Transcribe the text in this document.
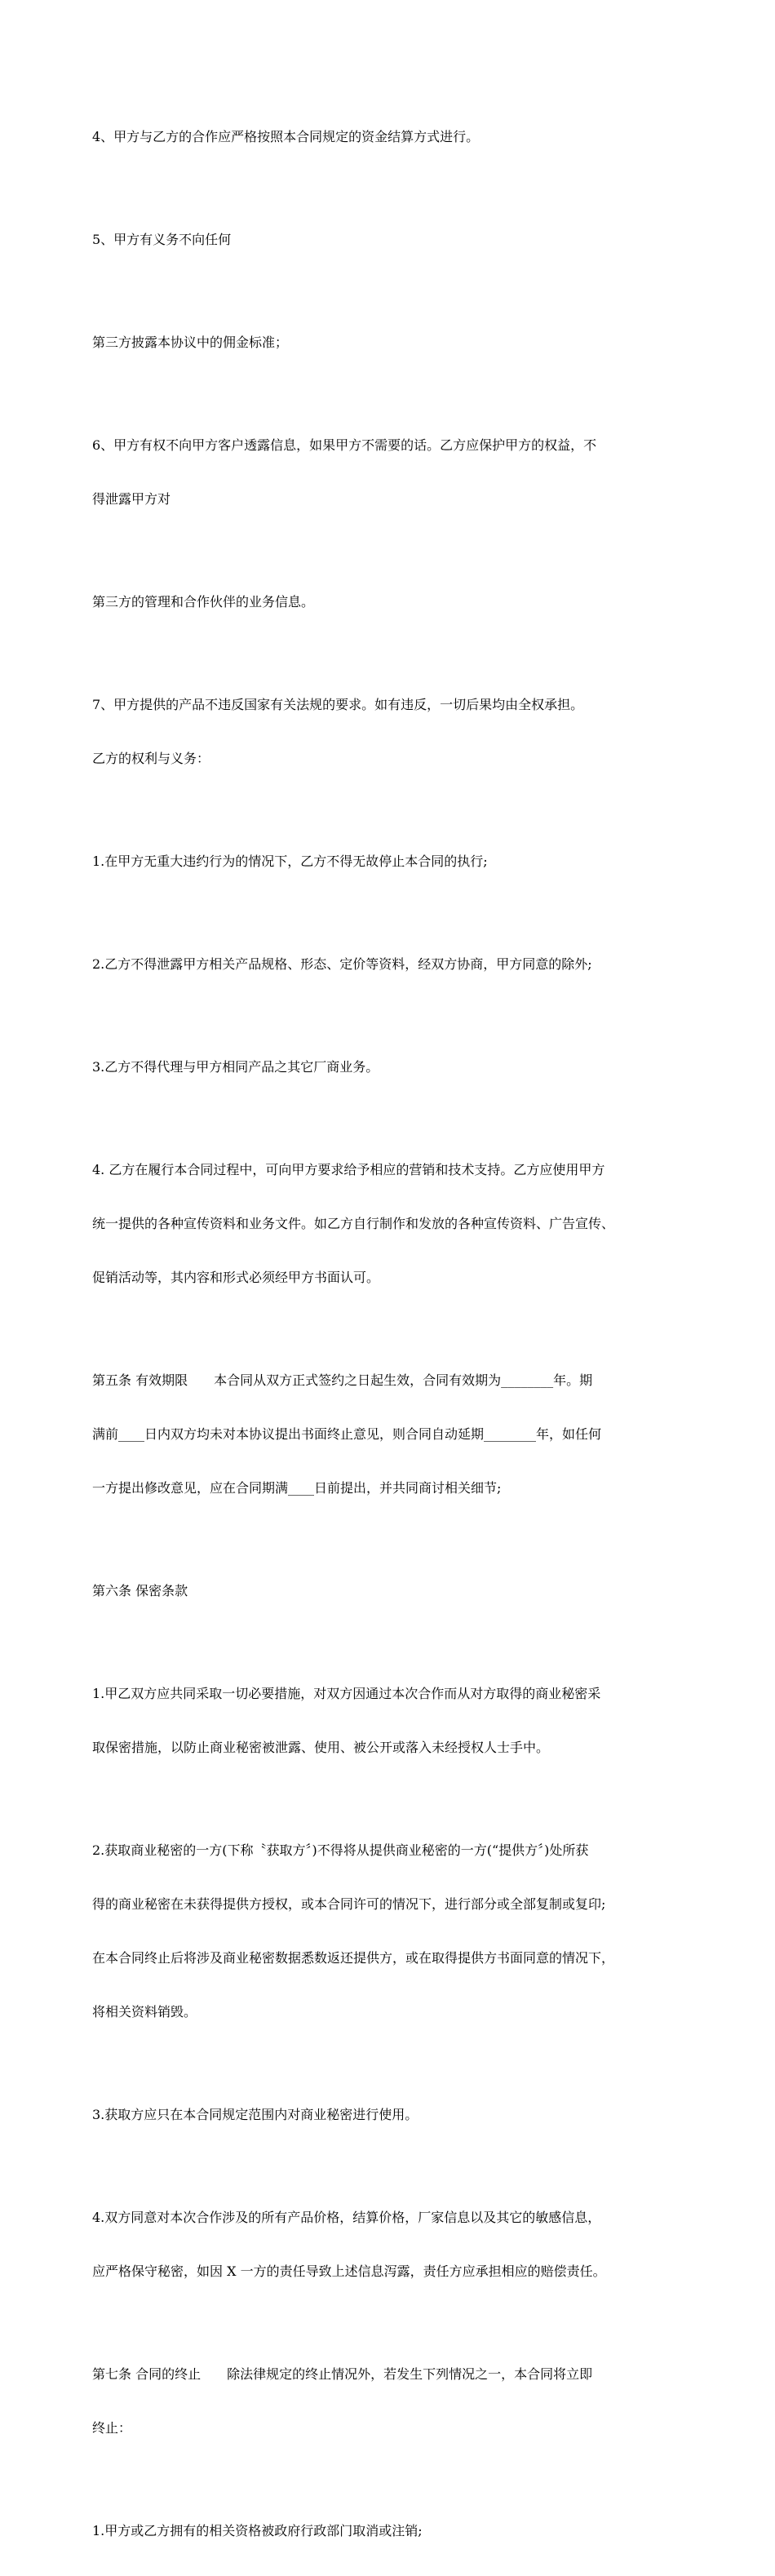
4、甲方与乙方的合作应严格按照本合同规定的资金结算方式进行。

5、甲方有义务不向任何

第三方披露本协议中的佣金标准；

6、甲方有权不向甲方客户透露信息，如果甲方不需要的话。乙方应保护甲方的权益，不

得泄露甲方对

第三方的管理和合作伙伴的业务信息。

7、甲方提供的产品不违反国家有关法规的要求。如有违反，一切后果均由全权承担。

乙方的权利与义务：

1.在甲方无重大违约行为的情况下，乙方不得无故停止本合同的执行;

2.乙方不得泄露甲方相关产品规格、形态、定价等资料，经双方协商，甲方同意的除外;

3.乙方不得代理与甲方相同产品之其它厂商业务。

4. 乙方在履行本合同过程中，可向甲方要求给予相应的营销和技术支持。乙方应使用甲方

统一提供的各种宣传资料和业务文件。如乙方自行制作和发放的各种宣传资料、广告宣传、

促销活动等，其内容和形式必须经甲方书面认可。

第五条 有效期限　　本合同从双方正式签约之日起生效，合同有效期为________年。期

满前____日内双方均未对本协议提出书面终止意见，则合同自动延期________年，如任何

一方提出修改意见，应在合同期满____日前提出，并共同商讨相关细节;

第六条 保密条款

1.甲乙双方应共同采取一切必要措施，对双方因通过本次合作而从对方取得的商业秘密采

取保密措施，以防止商业秘密被泄露、使用、被公开或落入未经授权人士手中。

2.获取商业秘密的一方(下称〝获取方〞)不得将从提供商业秘密的一方(“提供方〞)处所获

得的商业秘密在未获得提供方授权，或本合同许可的情况下，进行部分或全部复制或复印;

在本合同终止后将涉及商业秘密数据悉数返还提供方，或在取得提供方书面同意的情况下，

将相关资料销毁。

3.获取方应只在本合同规定范围内对商业秘密进行使用。

4.双方同意对本次合作涉及的所有产品价格，结算价格，厂家信息以及其它的敏感信息，

应严格保守秘密，如因 X 一方的责任导致上述信息泻露，责任方应承担相应的赔偿责任。

第七条 合同的终止　　除法律规定的终止情况外，若发生下列情况之一，本合同将立即

终止：

1.甲方或乙方拥有的相关资格被政府行政部门取消或注销;
